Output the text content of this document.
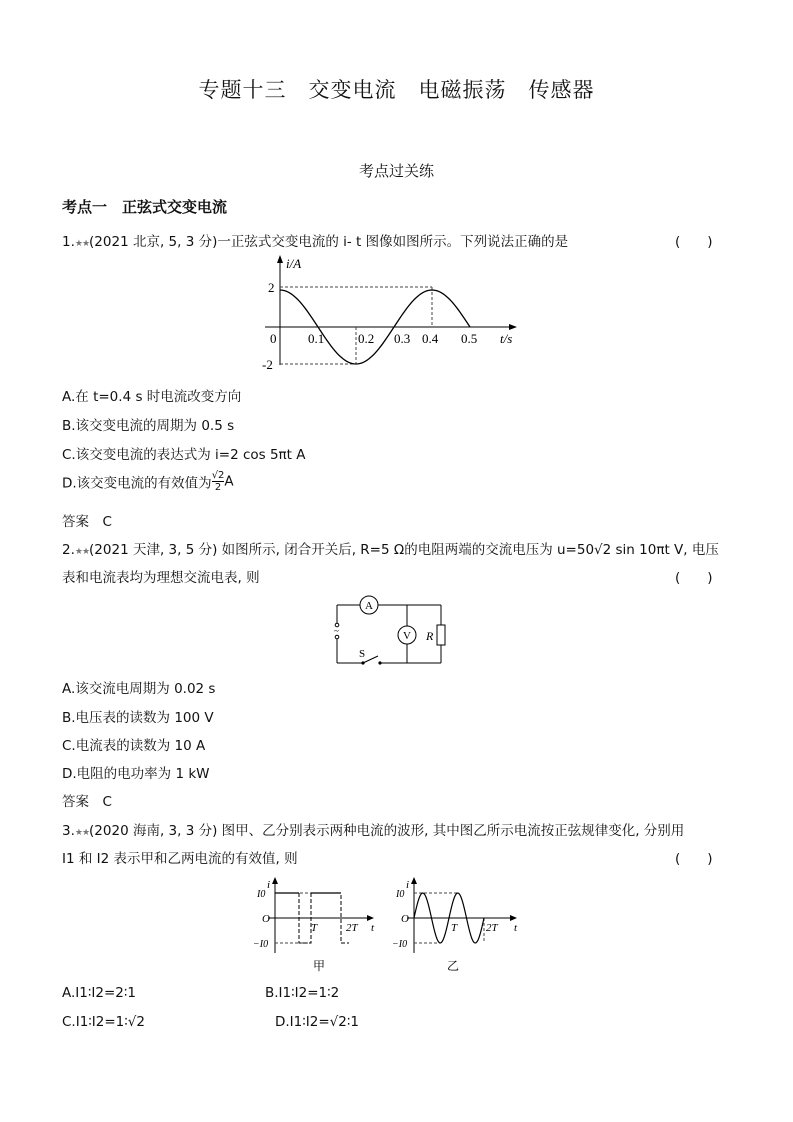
专题十三　交变电流　电磁振荡　传感器
考点过关练
考点一　正弦式交变电流
1.★★(2021 北京, 5, 3 分)一正弦式交变电流的 i- t 图像如图所示。下列说法正确的是	(　　)
i/A
2
-2
0 0.1	0.2 0.3 0.4 0.5 t/s
A.在 t=0.4 s 时电流改变方向
B.该交变电流的周期为 0.5 s
C.该交变电流的表达式为 i=2 cos 5πt A
D.该交变电流的有效值为 $\frac{√2}{2}$ A
答案　C
2.★★(2021 天津, 3, 5 分) 如图所示, 闭合开关后, R=5 Ω的电阻两端的交流电压为 u=50√2 sin 10πt V, 电压
表和电流表均为理想交流电表, 则	(　　)
~
A
V R
S
A.该交流电周期为 0.02 s
B.电压表的读数为 100 V
C.电流表的读数为 10 A
D.电阻的电功率为 1 kW
答案　C
3.★★(2020 海南, 3, 3 分) 图甲、乙分别表示两种电流的波形, 其中图乙所示电流按正弦规律变化, 分别用
I1 和 I2 表示甲和乙两电流的有效值, 则	(　　)
i
I0
O
−I0
T	2T t
甲
i
I0
O
−I0
T	2T t
乙
A.I1∶I2=2∶1	B.I1∶I2=1∶2
C.I1∶I2=1∶√2	D.I1∶I2=√2∶1
